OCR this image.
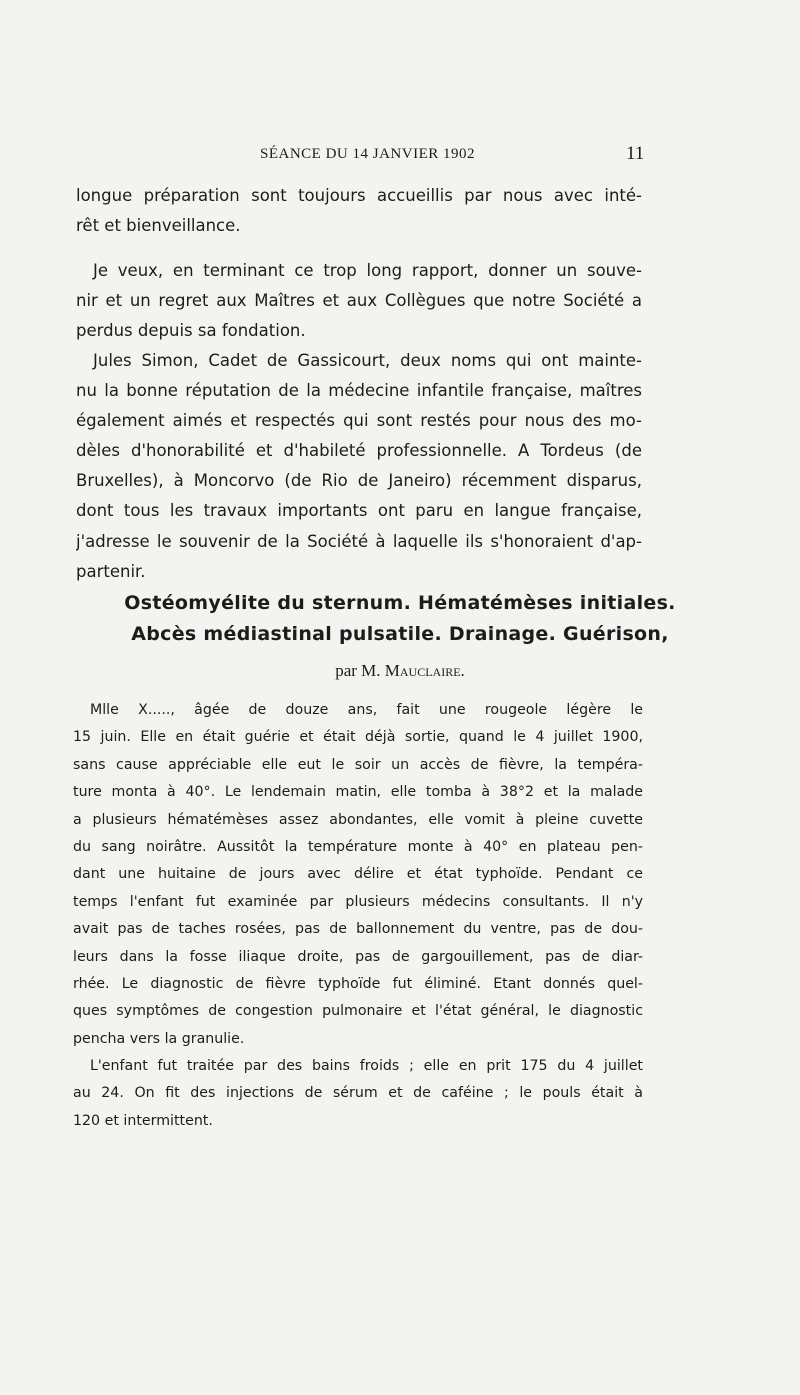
SÉANCE DU 14 JANVIER 1902	11
longue préparation sont toujours accueillis par nous avec inté-
rêt et bienveillance.
Je veux, en terminant ce trop long rapport, donner un souve-
nir et un regret aux Maîtres et aux Collègues que notre Société a
perdus depuis sa fondation.
Jules Simon, Cadet de Gassicourt, deux noms qui ont mainte-
nu la bonne réputation de la médecine infantile française, maîtres
également aimés et respectés qui sont restés pour nous des mo-
dèles d'honorabilité et d'habileté professionnelle. A Tordeus (de
Bruxelles), à Moncorvo (de Rio de Janeiro) récemment disparus,
dont tous les travaux importants ont paru en langue française,
j'adresse le souvenir de la Société à laquelle ils s'honoraient d'ap-
partenir.
Ostéomyélite du sternum. Hématémèses initiales.
Abcès médiastinal pulsatile. Drainage. Guérison,
par M. Mauclaire.
Mlle X....., âgée de douze ans, fait une rougeole légère le
15 juin. Elle en était guérie et était déjà sortie, quand le 4 juillet 1900,
sans cause appréciable elle eut le soir un accès de fièvre, la tempéra-
ture monta à 40°. Le lendemain matin, elle tomba à 38°2 et la malade
a plusieurs hématémèses assez abondantes, elle vomit à pleine cuvette
du sang noirâtre. Aussitôt la température monte à 40° en plateau pen-
dant une huitaine de jours avec délire et état typhoïde. Pendant ce
temps l'enfant fut examinée par plusieurs médecins consultants. Il n'y
avait pas de taches rosées, pas de ballonnement du ventre, pas de dou-
leurs dans la fosse iliaque droite, pas de gargouillement, pas de diar-
rhée. Le diagnostic de fièvre typhoïde fut éliminé. Etant donnés quel-
ques symptômes de congestion pulmonaire et l'état général, le diagnostic
pencha vers la granulie.
L'enfant fut traitée par des bains froids ; elle en prit 175 du 4 juillet
au 24. On fit des injections de sérum et de caféine ; le pouls était à
120 et intermittent.
